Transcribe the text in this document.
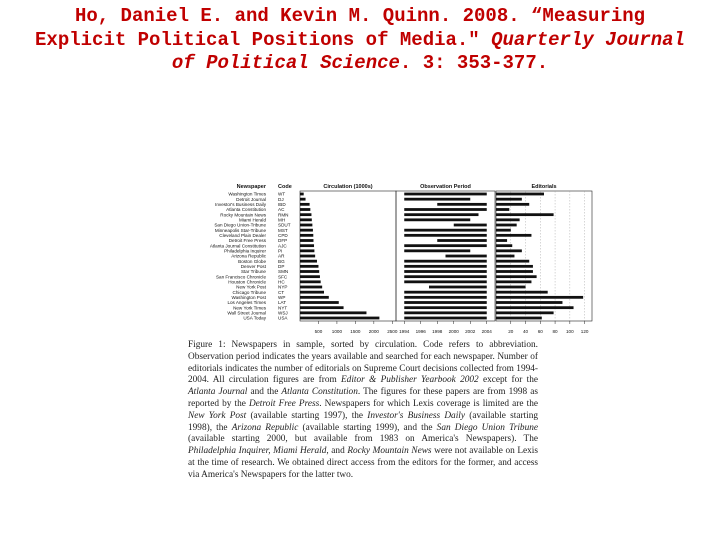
Ho, Daniel E. and Kevin M. Quinn. 2008. “Measuring
Explicit Political Positions of Media." Quarterly Journal
of Political Science. 3: 353-377.
Newspaper Code
Washington Times	WT
Detroit Journal	DJ
Investor's Business Daily	IBD
Atlanta Constitution	AC
Rocky Mountain News	RMN
Miami Herald	MH
San Diego Union-Tribune	SDUT
Minneapolis Star-Tribune	MST
Cleveland Plain Dealer	CPD
Detroit Free Press	DFP
Atlanta Journal Constitution	AJC
Philadelphia Inquirer	PI
Arizona Republic	AR
Boston Globe	BG
Denver Post	DP
Star Tribune	SMN
San Francisco Chronicle	SFC
Houston Chronicle	HC
New York Post	NYP
Chicago Tribune	CT
Washington Post	WP
Los Angeles Times	LAT
New York Times	NYT
Wall Street Journal	WSJ
USA Today	USA
Circulation (1000s)
500 1000 1500 2000 2500
Observation Period
1994 1996 1998 2000 2002 2004
Editorials
20 40 60 80 100 120
Figure 1: Newspapers in sample, sorted by circulation. Code refers to abbreviation. Observation period indicates the years available and searched for each newspaper. Number of editorials indicates the number of editorials on Supreme Court decisions collected from 1994-2004. All circulation figures are from Editor & Publisher Yearbook 2002 except for the Atlanta Journal and the Atlanta Constitution. The figures for these papers are from 1998 as reported by the Detroit Free Press. Newspapers for which Lexis coverage is limited are the New York Post (available starting 1997), the Investor's Business Daily (available starting 1998), the Arizona Republic (available starting 1999), and the San Diego Union Tribune (available starting 2000, but available from 1983 on America's Newspapers). The Philadelphia Inquirer, Miami Herald, and Rocky Mountain News were not available on Lexis at the time of research. We obtained direct access from the editors for the former, and access via America's Newspapers for the latter two.
